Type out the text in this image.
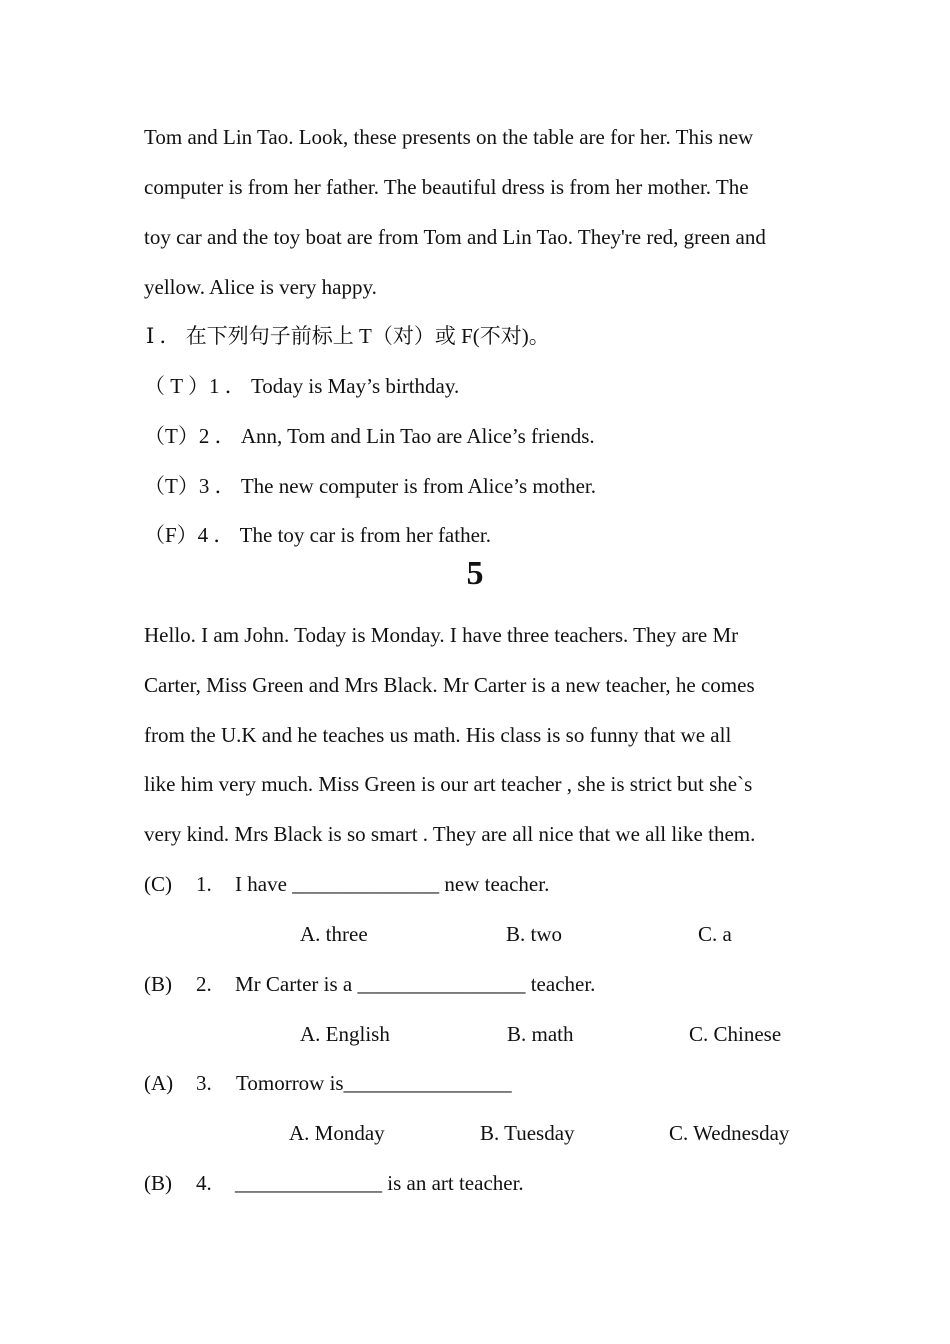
Tom and Lin Tao. Look, these presents on the table are for her. This new
computer is from her father. The beautiful dress is from her mother. The
toy car and the toy boat are from Tom and Lin Tao. They're red, green and
yellow. Alice is very happy.
Ⅰ ． 在下列句子前标上 T（对）或 F(不对)。
（ T ）1 ． Today is May’s birthday.
（T）2 ． Ann, Tom and Lin Tao are Alice’s friends.
（T）3 ． The new computer is from Alice’s mother.
（F）4 ． The toy car is from her father.
5
Hello. I am John. Today is Monday. I have three teachers. They are Mr
Carter, Miss Green and Mrs Black. Mr Carter is a new teacher, he comes
from the U.K and he teaches us math. His class is so funny that we all
like him very much. Miss Green is our art teacher , she is strict but she`s
very kind. Mrs Black is so smart . They are all nice that we all like them.
(C) 1. I have ______________ new teacher.
A. three	B. two	C. a
(B) 2. Mr Carter is a ________________ teacher.
A. English	B. math	C. Chinese
(A) 3. Tomorrow is________________
A. Monday	B. Tuesday	C. Wednesday
(B) 4. ______________ is an art teacher.
